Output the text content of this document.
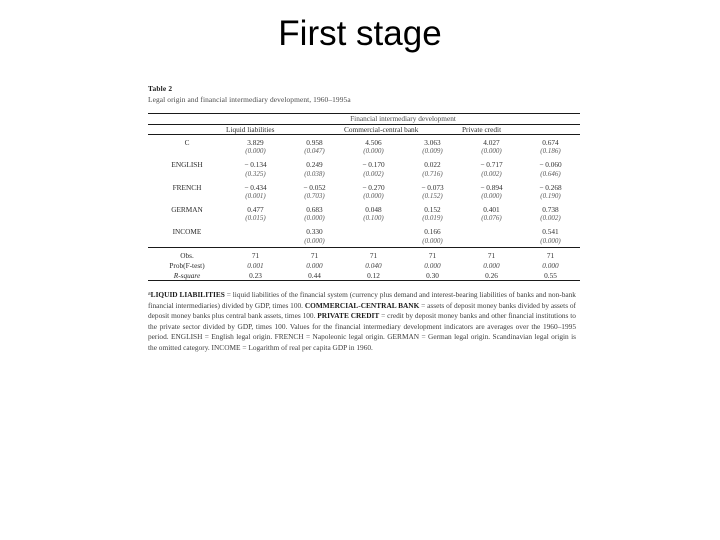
First stage
Table 2
Legal origin and financial intermediary development, 1960–1995a
	Financial intermediary development					
	Liquid liabilities		Commercial-central bank		Private credit	
C	3.829	0.958	4.506	3.063	4.027	0.674
	(0.000)	(0.047)	(0.000)	(0.009)	(0.000)	(0.186)
ENGLISH	− 0.134	0.249	− 0.170	0.022	− 0.717	− 0.060
	(0.325)	(0.038)	(0.002)	(0.716)	(0.002)	(0.646)
FRENCH	− 0.434	− 0.052	− 0.270	− 0.073	− 0.894	− 0.268
	(0.001)	(0.703)	(0.000)	(0.152)	(0.000)	(0.190)
GERMAN	0.477	0.683	0.048	0.152	0.401	0.738
	(0.015)	(0.000)	(0.100)	(0.019)	(0.076)	(0.002)
INCOME		0.330		0.166		0.541
		(0.000)		(0.000)		(0.000)
Obs.	71	71	71	71	71	71
Prob(F-test)	0.001	0.000	0.040	0.000	0.000	0.000
R-square	0.23	0.44	0.12	0.30	0.26	0.55

$^a$LIQUID LIABILITIES = liquid liabilities of the financial system (currency plus demand and interest-bearing liabilities of banks and non-bank financial intermediaries) divided by GDP, times 100. COMMERCIAL-CENTRAL BANK = assets of deposit money banks divided by assets of deposit money banks plus central bank assets, times 100. PRIVATE CREDIT = credit by deposit money banks and other financial institutions to the private sector divided by GDP, times 100. Values for the financial intermediary development indicators are averages over the 1960–1995 period. ENGLISH = English legal origin. FRENCH = Napoleonic legal origin. GERMAN = German legal origin. Scandinavian legal origin is the omitted category. INCOME = Logarithm of real per capita GDP in 1960.
